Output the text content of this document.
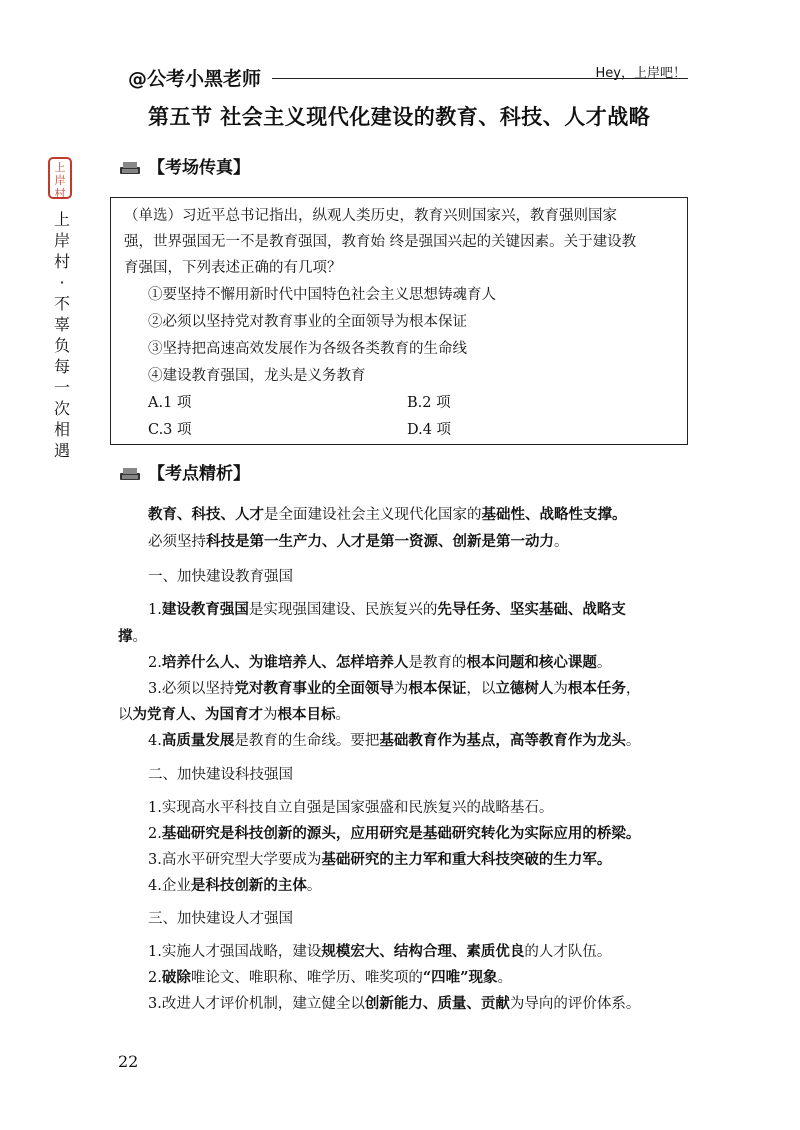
@公考小黑老师	Hey，上岸吧！
上
岸
村
上
岸
村
·
不
辜
负
每
一
次
相
遇
第五节 社会主义现代化建设的教育、科技、人才战略
【考场传真】
（单选）习近平总书记指出，纵观人类历史，教育兴则国家兴，教育强则国家
强，世界强国无一不是教育强国，教育始 终是强国兴起的关键因素。关于建设教
育强国，下列表述正确的有几项？
①要坚持不懈用新时代中国特色社会主义思想铸魂育人
②必须以坚持党对教育事业的全面领导为根本保证
③坚持把高速高效发展作为各级各类教育的生命线
④建设教育强国，龙头是义务教育
A.1 项	B.2 项
C.3 项	D.4 项
【考点精析】
教育、科技、人才是全面建设社会主义现代化国家的基础性、战略性支撑。
必须坚持科技是第一生产力、人才是第一资源、创新是第一动力。
一、加快建设教育强国
1.建设教育强国是实现强国建设、民族复兴的先导任务、坚实基础、战略支
撑。
2.培养什么人、为谁培养人、怎样培养人是教育的根本问题和核心课题。
3.必须以坚持党对教育事业的全面领导为根本保证，以立德树人为根本任务，
以为党育人、为国育才为根本目标。
4.高质量发展是教育的生命线。要把基础教育作为基点，高等教育作为龙头。
二、加快建设科技强国
1.实现高水平科技自立自强是国家强盛和民族复兴的战略基石。
2.基础研究是科技创新的源头，应用研究是基础研究转化为实际应用的桥梁。
3.高水平研究型大学要成为基础研究的主力军和重大科技突破的生力军。
4.企业是科技创新的主体。
三、加快建设人才强国
1.实施人才强国战略，建设规模宏大、结构合理、素质优良的人才队伍。
2.破除唯论文、唯职称、唯学历、唯奖项的“四唯”现象。
3.改进人才评价机制，建立健全以创新能力、质量、贡献为导向的评价体系。
22
